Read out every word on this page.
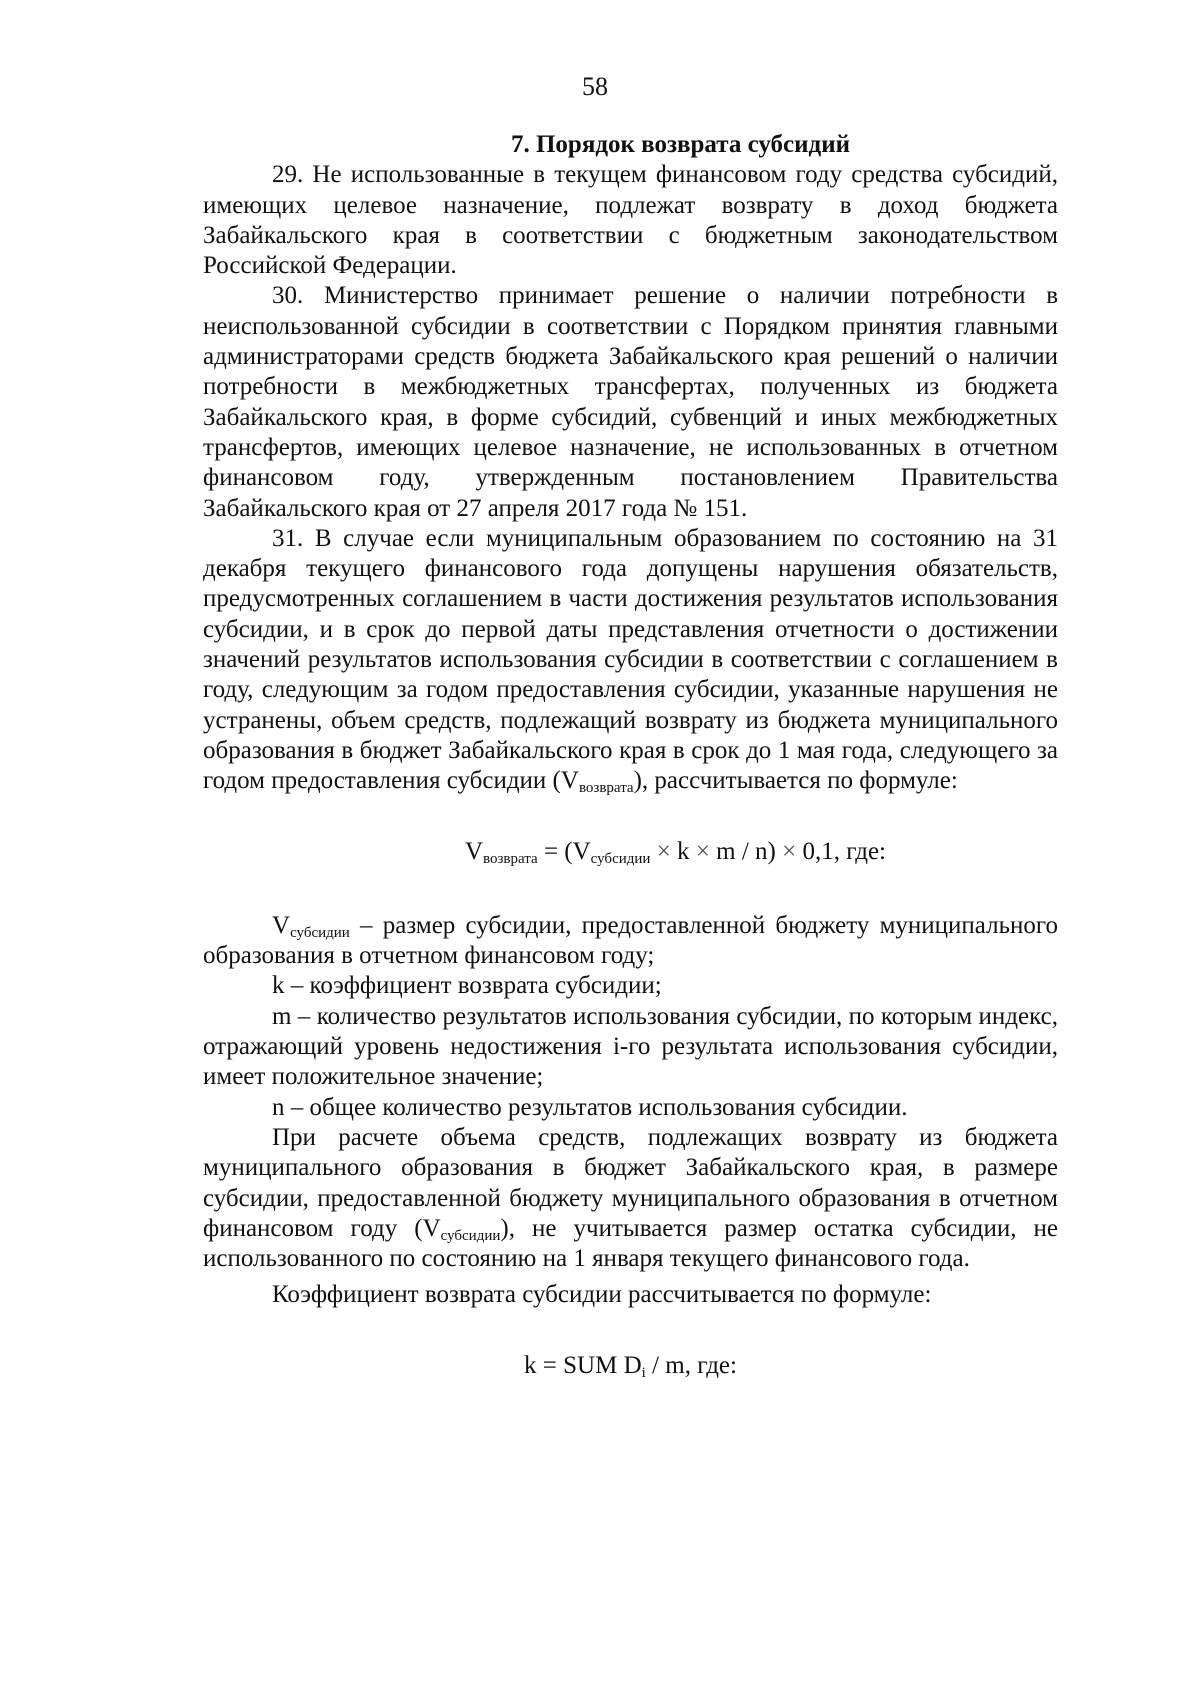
58

7. Порядок возврата субсидий

29. Не использованные в текущем финансовом году средства субсидий, имеющих целевое назначение, подлежат возврату в доход бюджета Забайкальского края в соответствии с бюджетным законодательством Российской Федерации.

30. Министерство принимает решение о наличии потребности в неиспользованной субсидии в соответствии с Порядком принятия главными администраторами средств бюджета Забайкальского края решений о наличии потребности в межбюджетных трансфертах, полученных из бюджета Забайкальского края, в форме субсидий, субвенций и иных межбюджетных трансфертов, имеющих целевое назначение, не использованных в отчетном финансовом году, утвержденным постановлением Правительства Забайкальского края от 27 апреля 2017 года № 151.

31. В случае если муниципальным образованием по состоянию на 31 декабря текущего финансового года допущены нарушения обязательств, предусмотренных соглашением в части достижения результатов использования субсидии, и в срок до первой даты представления отчетности о достижении значений результатов использования субсидии в соответствии с соглашением в году, следующим за годом предоставления субсидии, указанные нарушения не устранены, объем средств, подлежащий возврату из бюджета муниципального образования в бюджет Забайкальского края в срок до 1 мая года, следующего за годом предоставления субсидии $(V_{возврата})$, рассчитывается по формуле:

$V_{возврата} = (V_{субсидии} \times k \times m / n) \times 0,1$, где:

$V_{субсидии}$ – размер субсидии, предоставленной бюджету муниципального образования в отчетном финансовом году;

k – коэффициент возврата субсидии;

m – количество результатов использования субсидии, по которым индекс, отражающий уровень недостижения i-го результата использования субсидии, имеет положительное значение;

n – общее количество результатов использования субсидии.

При расчете объема средств, подлежащих возврату из бюджета муниципального образования в бюджет Забайкальского края, в размере субсидии, предоставленной бюджету муниципального образования в отчетном финансовом году $(V_{субсидии})$, не учитывается размер остатка субсидии, не использованного по состоянию на 1 января текущего финансового года.

Коэффициент возврата субсидии рассчитывается по формуле:

k = SUM $D_i$ / m, где:
